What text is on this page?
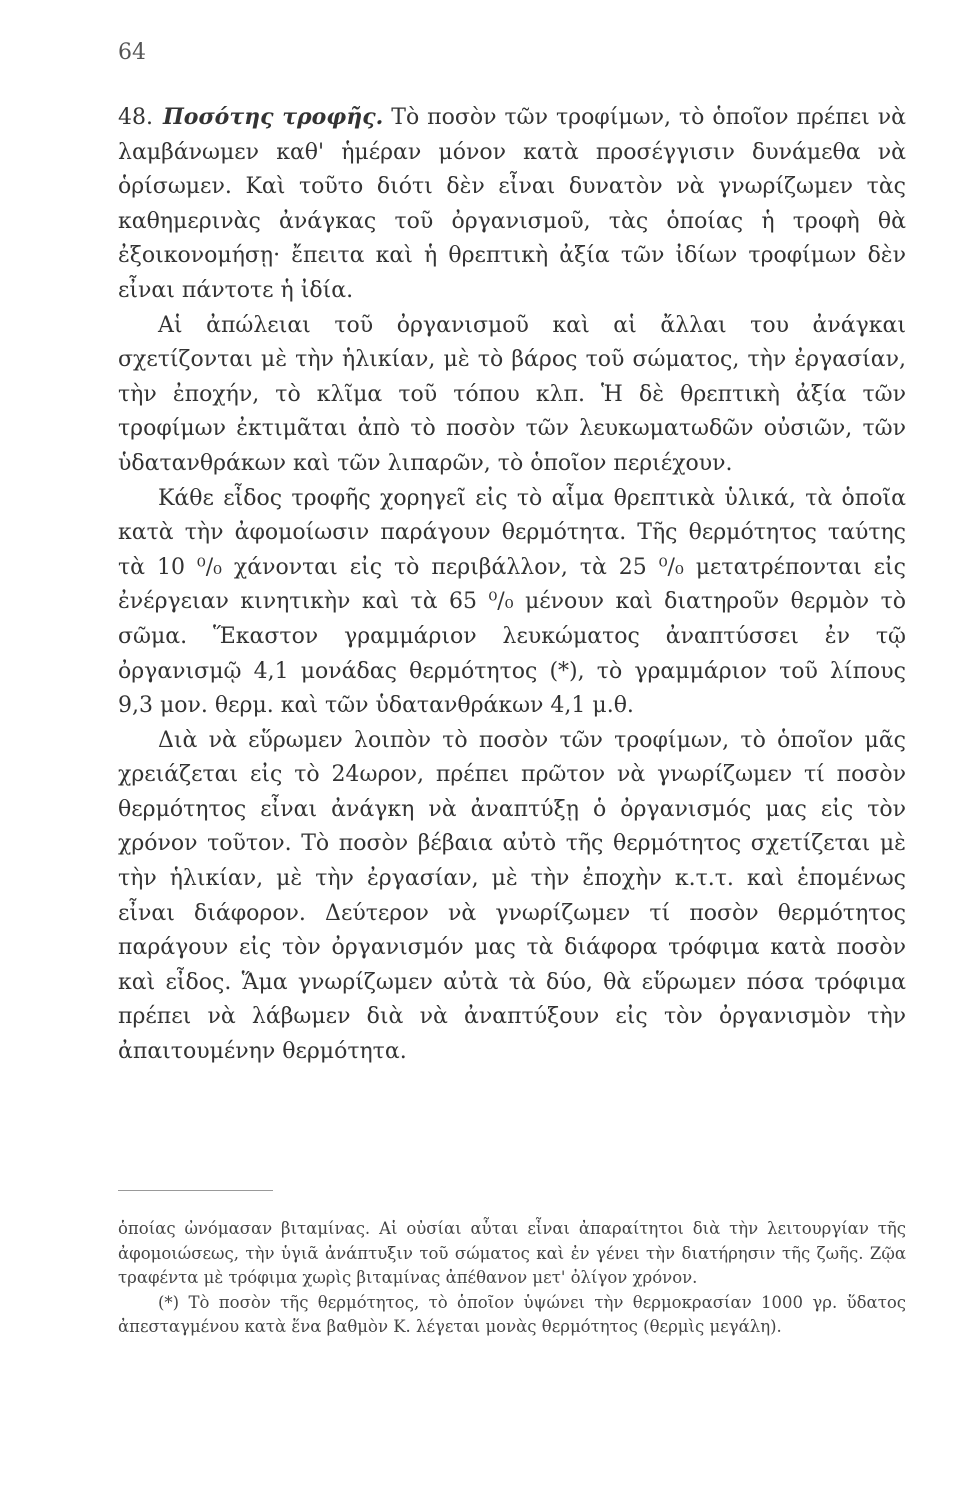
64

48. Ποσότης τροφῆς. Τὸ ποσὸν τῶν τροφίμων, τὸ ὁποῖον πρέπει νὰ λαμβάνωμεν καθ' ἡμέραν μόνον κατὰ προσέγγισιν δυνάμεθα νὰ ὁρίσωμεν. Καὶ τοῦτο διότι δὲν εἶναι δυνατὸν νὰ γνωρίζωμεν τὰς καθημερινὰς ἀνάγκας τοῦ ὀργανισμοῦ, τὰς ὁποίας ἡ τροφὴ θὰ ἐξοικονομήσῃ· ἔπειτα καὶ ἡ θρεπτικὴ ἀξία τῶν ἰδίων τροφίμων δὲν εἶναι πάντοτε ἡ ἰδία.

Αἱ ἀπώλειαι τοῦ ὀργανισμοῦ καὶ αἱ ἄλλαι του ἀνάγκαι σχετίζονται μὲ τὴν ἡλικίαν, μὲ τὸ βάρος τοῦ σώματος, τὴν ἐργασίαν, τὴν ἐποχήν, τὸ κλῖμα τοῦ τόπου κλπ. Ἡ δὲ θρεπτικὴ ἀξία τῶν τροφίμων ἐκτιμᾶται ἀπὸ τὸ ποσὸν τῶν λευκωματωδῶν οὐσιῶν, τῶν ὑδατανθράκων καὶ τῶν λιπαρῶν, τὸ ὁποῖον περιέχουν.

Κάθε εἶδος τροφῆς χορηγεῖ εἰς τὸ αἷμα θρεπτικὰ ὑλικά, τὰ ὁποῖα κατὰ τὴν ἀφομοίωσιν παράγουν θερμότητα. Τῆς θερμότητος ταύτης τὰ 10 ⁰/₀ χάνονται εἰς τὸ περιβάλλον, τὰ 25 ⁰/₀ μετατρέπονται εἰς ἐνέργειαν κινητικὴν καὶ τὰ 65 ⁰/₀ μένουν καὶ διατηροῦν θερμὸν τὸ σῶμα. Ἕκαστον γραμμάριον λευκώματος ἀναπτύσσει ἐν τῷ ὀργανισμῷ 4,1 μονάδας θερμότητος (*), τὸ γραμμάριον τοῦ λίπους 9,3 μον. θερμ. καὶ τῶν ὑδατανθράκων 4,1 μ.θ.

Διὰ νὰ εὕρωμεν λοιπὸν τὸ ποσὸν τῶν τροφίμων, τὸ ὁποῖον μᾶς χρειάζεται εἰς τὸ 24ωρον, πρέπει πρῶτον νὰ γνωρίζωμεν τί ποσὸν θερμότητος εἶναι ἀνάγκη νὰ ἀναπτύξῃ ὁ ὀργανισμός μας εἰς τὸν χρόνον τοῦτον. Τὸ ποσὸν βέβαια αὐτὸ τῆς θερμότητος σχετίζεται μὲ τὴν ἡλικίαν, μὲ τὴν ἐργασίαν, μὲ τὴν ἐποχὴν κ.τ.τ. καὶ ἑπομένως εἶναι διάφορον. Δεύτερον νὰ γνωρίζωμεν τί ποσὸν θερμότητος παράγουν εἰς τὸν ὀργανισμόν μας τὰ διάφορα τρόφιμα κατὰ ποσὸν καὶ εἶδος. Ἅμα γνωρίζωμεν αὐτὰ τὰ δύο, θὰ εὕρωμεν πόσα τρόφιμα πρέπει νὰ λάβωμεν διὰ νὰ ἀναπτύξουν εἰς τὸν ὀργανισμὸν τὴν ἀπαιτουμένην θερμότητα.

ὁποίας ὠνόμασαν βιταμίνας. Αἱ οὐσίαι αὗται εἶναι ἀπαραίτητοι διὰ τὴν λειτουργίαν τῆς ἀφομοιώσεως, τὴν ὑγιᾶ ἀνάπτυξιν τοῦ σώματος καὶ ἐν γένει τὴν διατήρησιν τῆς ζωῆς. Ζῷα τραφέντα μὲ τρόφιμα χωρὶς βιταμίνας ἀπέθανον μετ' ὀλίγον χρόνον.

(*) Τὸ ποσὸν τῆς θερμότητος, τὸ ὁποῖον ὑψώνει τὴν θερμοκρασίαν 1000 γρ. ὕδατος ἀπεσταγμένου κατὰ ἕνα βαθμὸν Κ. λέγεται μονὰς θερμότητος (θερμὶς μεγάλη).
